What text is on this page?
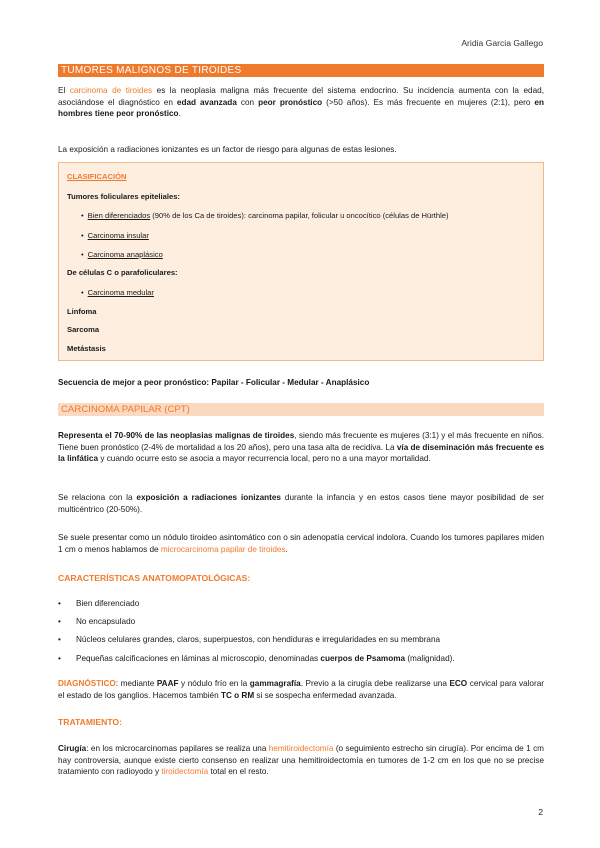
Aridia Garcia Gallego
TUMORES MALIGNOS DE TIROIDES

El carcinoma de tiroides es la neoplasia maligna más frecuente del sistema endocrino. Su incidencia aumenta con la edad, asociándose el diagnóstico en edad avanzada con peor pronóstico (>50 años). Es más frecuente en mujeres (2:1), pero en hombres tiene peor pronóstico.

La exposición a radiaciones ionizantes es un factor de riesgo para algunas de estas lesiones.

CLASIFICACIÓN
Tumores foliculares epiteliales:
• Bien diferenciados (90% de los Ca de tiroides): carcinoma papilar, folicular u oncocítico (células de Hürthle)
• Carcinoma insular
• Carcinoma anaplásico
De células C o parafoliculares:
• Carcinoma medular
Linfoma
Sarcoma
Metástasis

Secuencia de mejor a peor pronóstico: Papilar - Folicular - Medular - Anaplásico

CARCINOMA PAPILAR (CPT)

Representa el 70-90% de las neoplasias malignas de tiroides, siendo más frecuente es mujeres (3:1) y el más frecuente en niños. Tiene buen pronóstico (2-4% de mortalidad a los 20 años), pero una tasa alta de recidiva. La vía de diseminación más frecuente es la linfática y cuando ocurre esto se asocia a mayor recurrencia local, pero no a una mayor mortalidad.

Se relaciona con la exposición a radiaciones ionizantes durante la infancia y en estos casos tiene mayor posibilidad de ser multicéntrico (20-50%).

Se suele presentar como un nódulo tiroideo asintomático con o sin adenopatía cervical indolora. Cuando los tumores papilares miden 1 cm o menos hablamos de microcarcinoma papilar de tiroides.

CARACTERÍSTICAS ANATOMOPATOLÓGICAS:
• Bien diferenciado
• No encapsulado
• Núcleos celulares grandes, claros, superpuestos, con hendiduras e irregularidades en su membrana
• Pequeñas calcificaciones en láminas al microscopio, denominadas cuerpos de Psamoma (malignidad).

DIAGNÓSTICO: mediante PAAF y nódulo frío en la gammagrafía. Previo a la cirugía debe realizarse una ECO cervical para valorar el estado de los ganglios. Hacemos también TC o RM si se sospecha enfermedad avanzada.

TRATAMIENTO:

Cirugía: en los microcarcinomas papilares se realiza una hemitiroidectomía (o seguimiento estrecho sin cirugía). Por encima de 1 cm hay controversia, aunque existe cierto consenso en realizar una hemitiroidectomía en tumores de 1-2 cm en los que no se precise tratamiento con radioyodo y tiroidectomía total en el resto.

2
